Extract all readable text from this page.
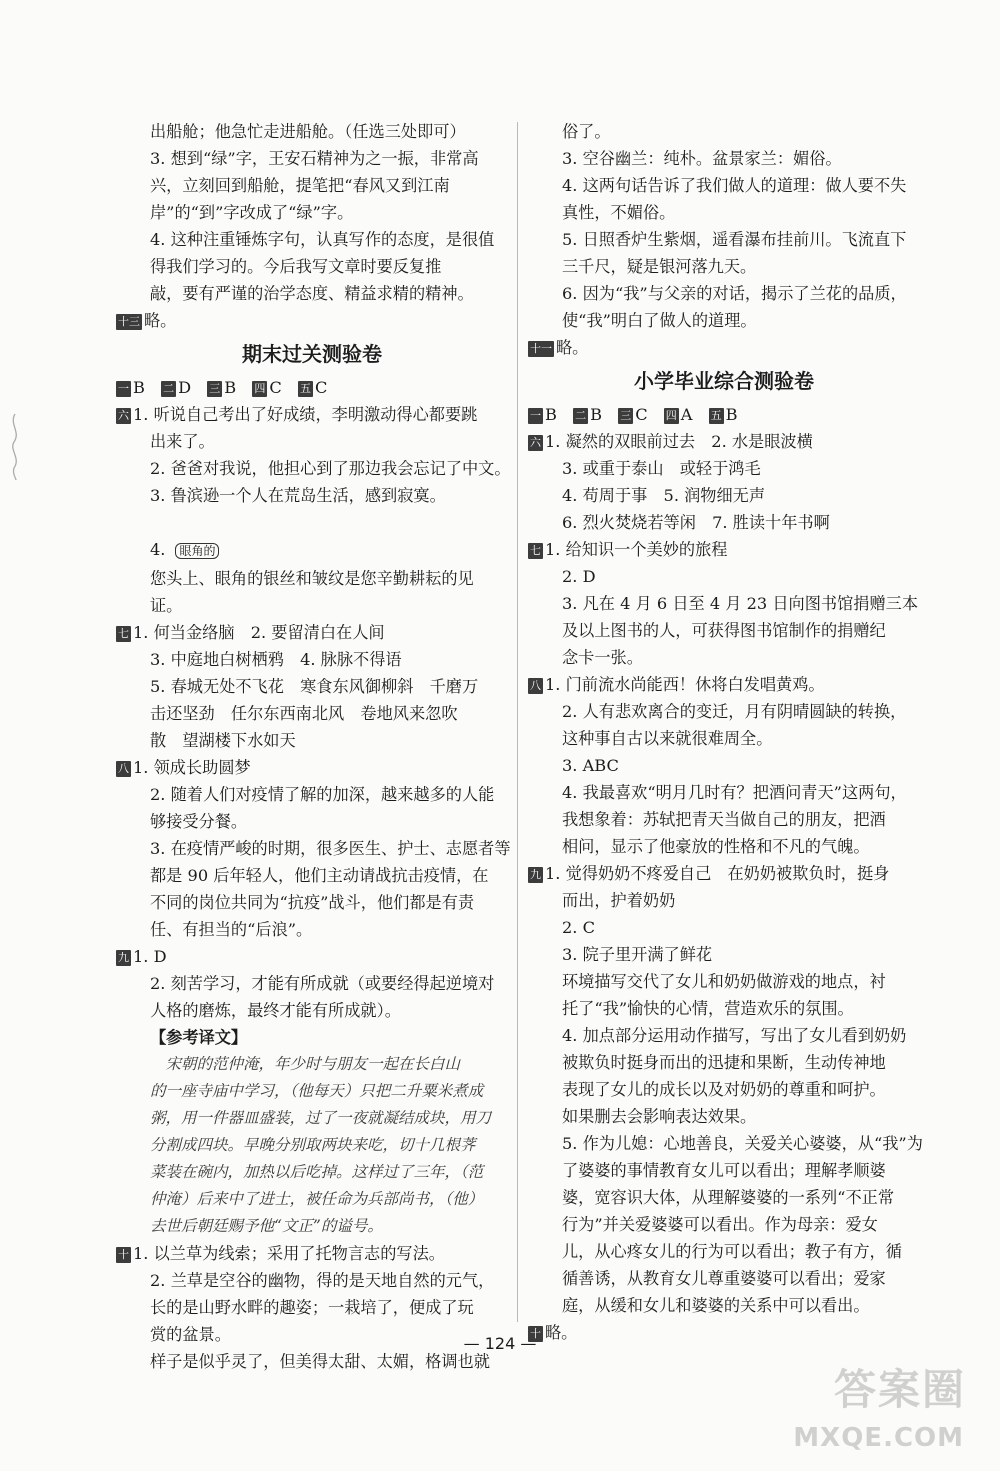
出船舱；他急忙走进船舱。（任选三处即可）
3. 想到“绿”字，王安石精神为之一振，非常高
兴，立刻回到船舱，提笔把“春风又到江南
岸”的“到”字改成了“绿”字。
4. 这种注重锤炼字句，认真写作的态度，是很值
得我们学习的。今后我写文章时要反复推
敲，要有严谨的治学态度、精益求精的精神。
十三 略。
期末过关测验卷
一 B　 二 D　 三 B　 四 C　 五 C
六 1. 听说自己考出了好成绩，李明激动得心都要跳
出来了。
2. 爸爸对我说，他担心到了那边我会忘记了中文。
3. 鲁滨逊一个人在荒岛生活，感到寂寞。

4. 眼角的
您头上、眼角的银丝和皱纹是您辛勤耕耘的见
证。
七 1. 何当金络脑　2. 要留清白在人间
3. 中庭地白树栖鸦　4. 脉脉不得语
5. 春城无处不飞花　寒食东风御柳斜　千磨万
击还坚劲　任尔东西南北风　卷地风来忽吹
散　望湖楼下水如天
八 1. 领成长助圆梦
2. 随着人们对疫情了解的加深，越来越多的人能
够接受分餐。
3. 在疫情严峻的时期，很多医生、护士、志愿者等
都是 90 后年轻人，他们主动请战抗击疫情，在
不同的岗位共同为“抗疫”战斗，他们都是有责
任、有担当的“后浪”。
九 1. D
2. 刻苦学习，才能有所成就（或要经得起逆境对
人格的磨炼，最终才能有所成就）。
【参考译文】
　宋朝的范仲淹，年少时与朋友一起在长白山
的一座寺庙中学习，（他每天）只把二升粟米煮成
粥，用一件器皿盛装，过了一夜就凝结成块，用刀
分割成四块。早晚分别取两块来吃，切十几根荠
菜装在碗内，加热以后吃掉。这样过了三年，（范
仲淹）后来中了进士，被任命为兵部尚书，（他）
去世后朝廷赐予他“文正”的谥号。
十 1. 以兰草为线索；采用了托物言志的写法。
2. 兰草是空谷的幽物，得的是天地自然的元气，
长的是山野水畔的趣姿；一栽培了，便成了玩
赏的盆景。
样子是似乎灵了，但美得太甜、太媚，格调也就
俗了。
3. 空谷幽兰：纯朴。盆景家兰：媚俗。
4. 这两句话告诉了我们做人的道理：做人要不失
真性，不媚俗。
5. 日照香炉生紫烟，遥看瀑布挂前川。飞流直下
三千尺，疑是银河落九天。
6. 因为“我”与父亲的对话，揭示了兰花的品质，
使“我”明白了做人的道理。
十一 略。
小学毕业综合测验卷
一 B　 二 B　 三 C　 四 A　 五 B
六 1. 凝然的双眼前过去　2. 水是眼波横
3. 或重于泰山　或轻于鸿毛
4. 苟周于事　5. 润物细无声
6. 烈火焚烧若等闲　7. 胜读十年书啊
七 1. 给知识一个美妙的旅程
2. D
3. 凡在 4 月 6 日至 4 月 23 日向图书馆捐赠三本
及以上图书的人，可获得图书馆制作的捐赠纪
念卡一张。
八 1. 门前流水尚能西！休将白发唱黄鸡。
2. 人有悲欢离合的变迁，月有阴晴圆缺的转换，
这种事自古以来就很难周全。
3. ABC
4. 我最喜欢“明月几时有？把酒问青天”这两句，
我想象着：苏轼把青天当做自己的朋友，把酒
相问，显示了他豪放的性格和不凡的气魄。
九 1. 觉得奶奶不疼爱自己　在奶奶被欺负时，挺身
而出，护着奶奶
2. C
3. 院子里开满了鲜花
环境描写交代了女儿和奶奶做游戏的地点，衬
托了“我”愉快的心情，营造欢乐的氛围。
4. 加点部分运用动作描写，写出了女儿看到奶奶
被欺负时挺身而出的迅捷和果断，生动传神地
表现了女儿的成长以及对奶奶的尊重和呵护。
如果删去会影响表达效果。
5. 作为儿媳：心地善良，关爱关心婆婆，从“我”为
了婆婆的事情教育女儿可以看出；理解孝顺婆
婆，宽容识大体，从理解婆婆的一系列“不正常
行为”并关爱婆婆可以看出。作为母亲：爱女
儿，从心疼女儿的行为可以看出；教子有方，循
循善诱，从教育女儿尊重婆婆可以看出；爱家
庭，从缓和女儿和婆婆的关系中可以看出。
十 略。
— 124 —
答案圈
MXQE.COM
